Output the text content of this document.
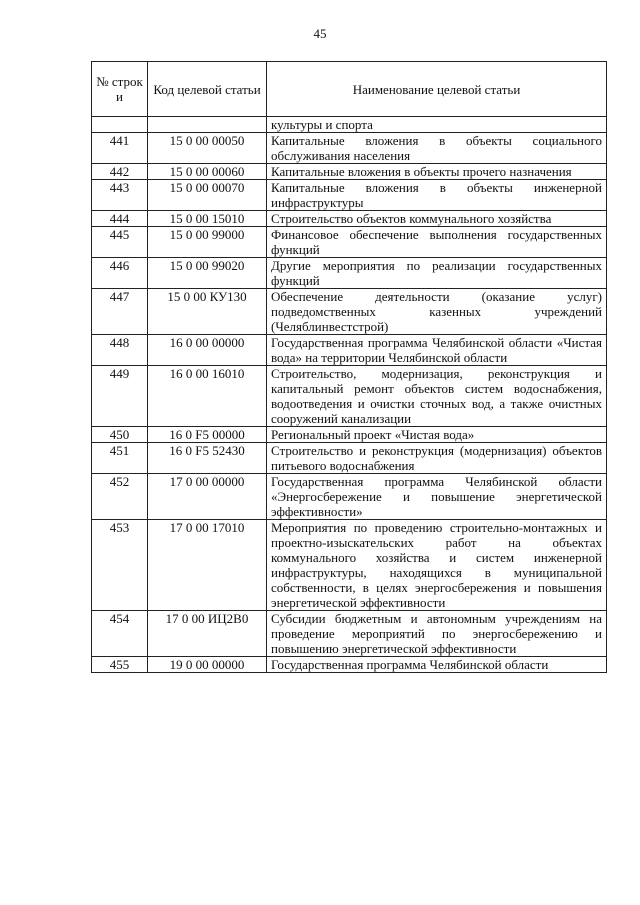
45
№ строк и	Код целевой статьи	Наименование целевой статьи
		культуры и спорта
441	15 0 00 00050	Капитальные вложения в объекты социального обслуживания населения
442	15 0 00 00060	Капитальные вложения в объекты прочего назначения
443	15 0 00 00070	Капитальные вложения в объекты инженерной инфраструктуры
444	15 0 00 15010	Строительство объектов коммунального хозяйства
445	15 0 00 99000	Финансовое обеспечение выполнения государственных функций
446	15 0 00 99020	Другие мероприятия по реализации государственных функций
447	15 0 00 КУ130	Обеспечение деятельности (оказание услуг) подведомственных казенных учреждений (Челяблинвестстрой)
448	16 0 00 00000	Государственная программа Челябинской области «Чистая вода» на территории Челябинской области
449	16 0 00 16010	Строительство, модернизация, реконструкция и капитальный ремонт объектов систем водоснабжения, водоотведения и очистки сточных вод, а также очистных сооружений канализации
450	16 0 F5 00000	Региональный проект «Чистая вода»
451	16 0 F5 52430	Строительство и реконструкция (модернизация) объектов питьевого водоснабжения
452	17 0 00 00000	Государственная программа Челябинской области «Энергосбережение и повышение энергетической эффективности»
453	17 0 00 17010	Мероприятия по проведению строительно-монтажных и проектно-изыскательских работ на объектах коммунального хозяйства и систем инженерной инфраструктуры, находящихся в муниципальной собственности, в целях энергосбережения и повышения энергетической эффективности
454	17 0 00 ИЦ2В0	Субсидии бюджетным и автономным учреждениям на проведение мероприятий по энергосбережению и повышению энергетической эффективности
455	19 0 00 00000	Государственная программа Челябинской области
